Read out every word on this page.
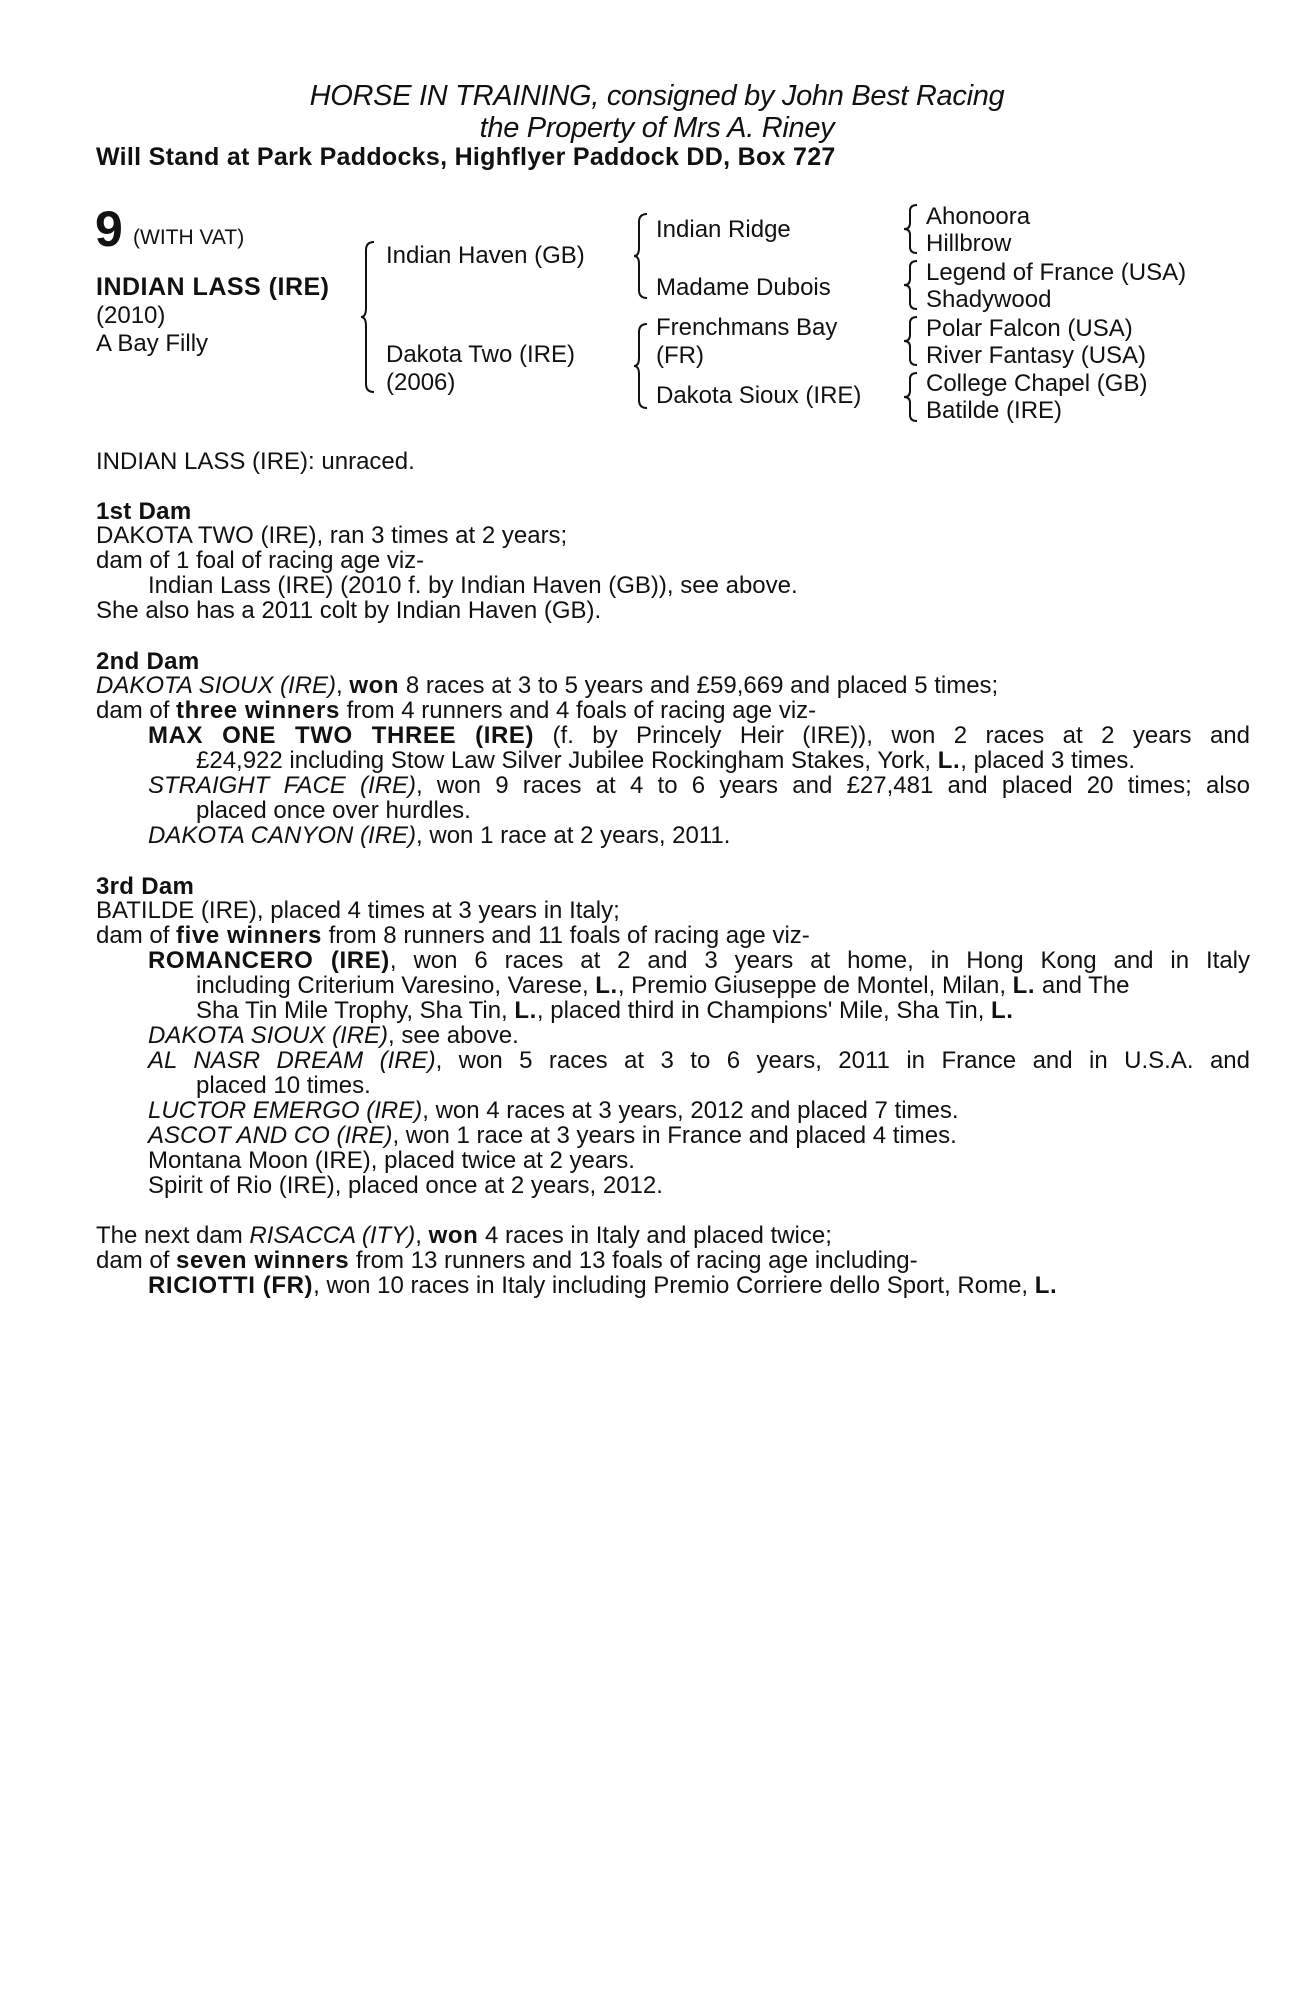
HORSE IN TRAINING, consigned by John Best Racing
the Property of Mrs A. Riney
Will Stand at Park Paddocks, Highflyer Paddock DD, Box 727
9 (WITH VAT)
INDIAN LASS (IRE)
(2010)
A Bay Filly
Indian Haven (GB)
Dakota Two (IRE)
(2006)
Indian Ridge
Madame Dubois
Frenchmans Bay
(FR)
Dakota Sioux (IRE)
Ahonoora
Hillbrow
Legend of France (USA)
Shadywood
Polar Falcon (USA)
River Fantasy (USA)
College Chapel (GB)
Batilde (IRE)
INDIAN LASS (IRE): unraced.
1st Dam
DAKOTA TWO (IRE), ran 3 times at 2 years;
dam of 1 foal of racing age viz-
Indian Lass (IRE) (2010 f. by Indian Haven (GB)), see above.
She also has a 2011 colt by Indian Haven (GB).
2nd Dam
DAKOTA SIOUX (IRE), won 8 races at 3 to 5 years and £59,669 and placed 5 times;
dam of three winners from 4 runners and 4 foals of racing age viz-
MAX ONE TWO THREE (IRE) (f. by Princely Heir (IRE)), won 2 races at 2 years and
£24,922 including Stow Law Silver Jubilee Rockingham Stakes, York, L., placed 3 times.
STRAIGHT FACE (IRE), won 9 races at 4 to 6 years and £27,481 and placed 20 times; also
placed once over hurdles.
DAKOTA CANYON (IRE), won 1 race at 2 years, 2011.
3rd Dam
BATILDE (IRE), placed 4 times at 3 years in Italy;
dam of five winners from 8 runners and 11 foals of racing age viz-
ROMANCERO (IRE), won 6 races at 2 and 3 years at home, in Hong Kong and in Italy
including Criterium Varesino, Varese, L., Premio Giuseppe de Montel, Milan, L. and The
Sha Tin Mile Trophy, Sha Tin, L., placed third in Champions' Mile, Sha Tin, L.
DAKOTA SIOUX (IRE), see above.
AL NASR DREAM (IRE), won 5 races at 3 to 6 years, 2011 in France and in U.S.A. and
placed 10 times.
LUCTOR EMERGO (IRE), won 4 races at 3 years, 2012 and placed 7 times.
ASCOT AND CO (IRE), won 1 race at 3 years in France and placed 4 times.
Montana Moon (IRE), placed twice at 2 years.
Spirit of Rio (IRE), placed once at 2 years, 2012.
The next dam RISACCA (ITY), won 4 races in Italy and placed twice;
dam of seven winners from 13 runners and 13 foals of racing age including-
RICIOTTI (FR), won 10 races in Italy including Premio Corriere dello Sport, Rome, L.
